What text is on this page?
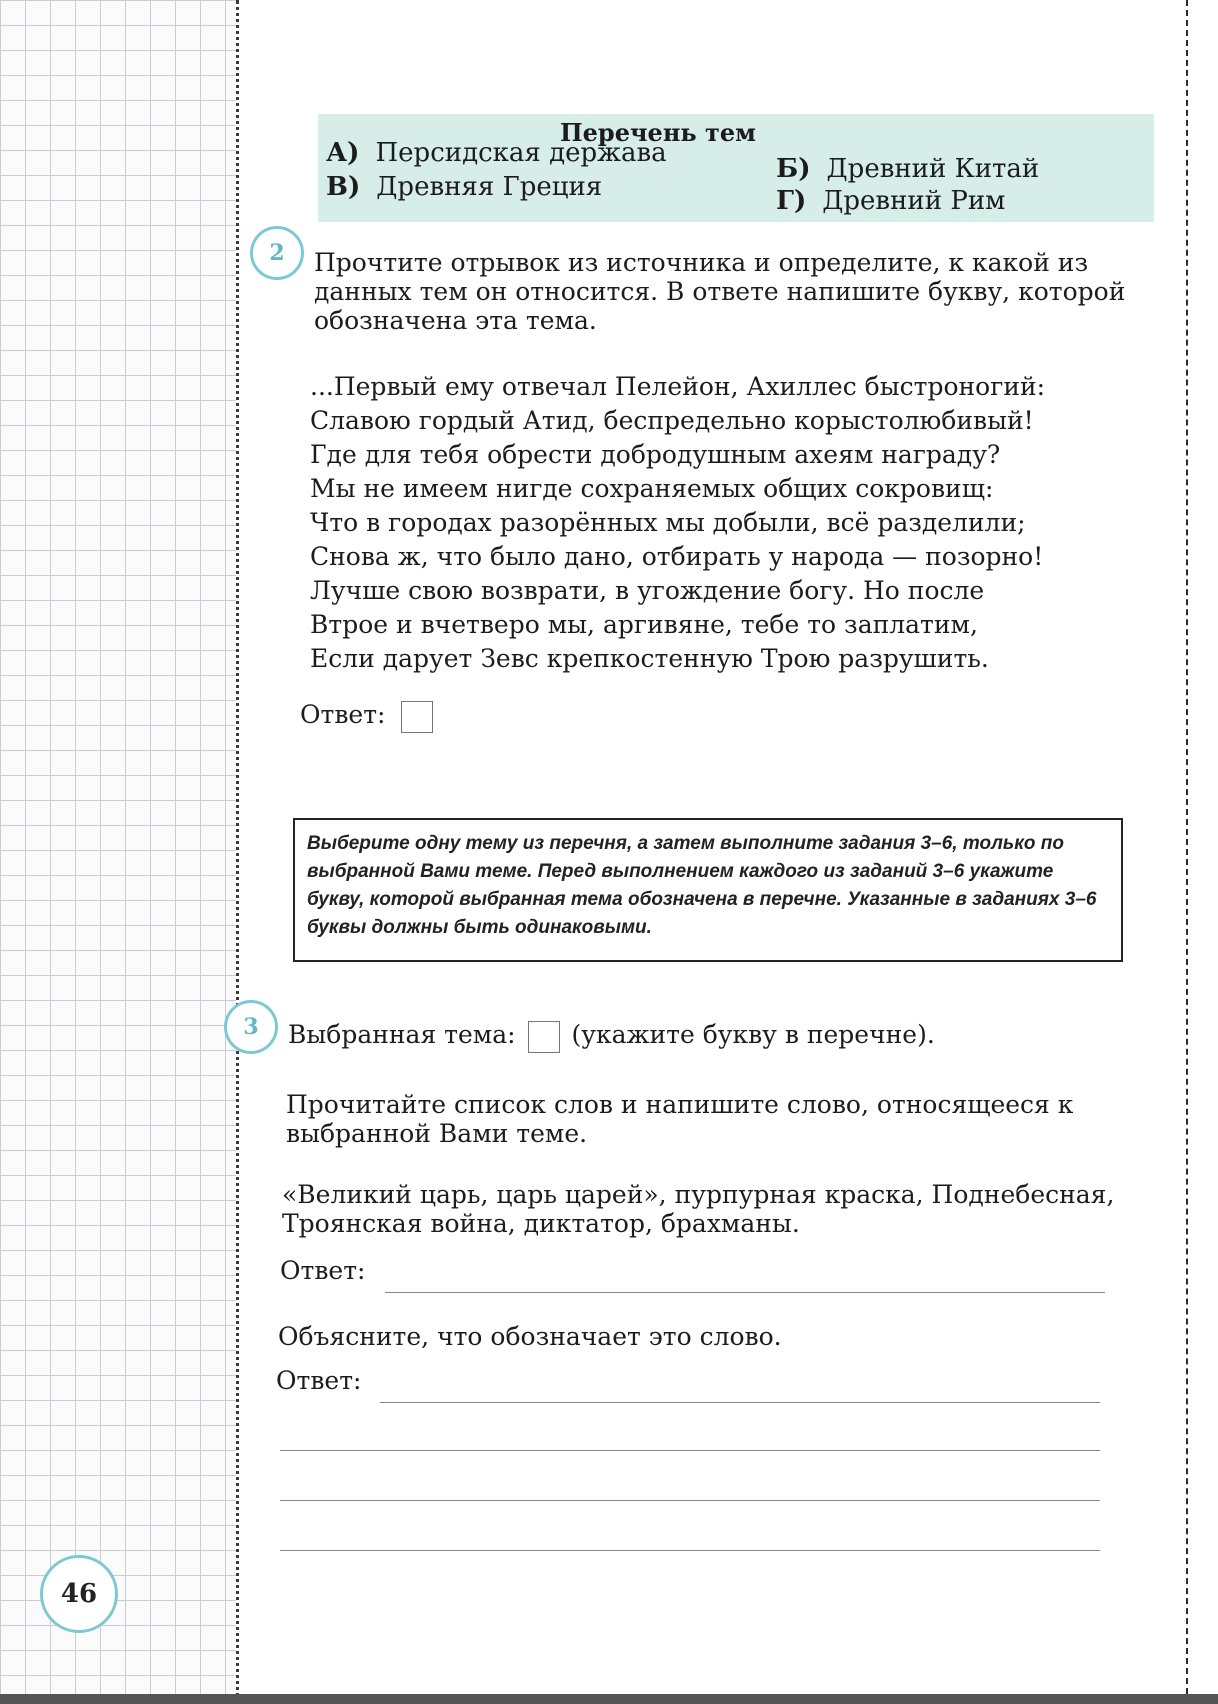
Перечень тем
А) Персидская держава
Б) Древний Китай
В) Древняя Греция	Г) Древний Рим
2	Прочтите отрывок из источника и определите, к какой из данных тем он относится. В ответе напишите букву, которой обозначена эта тема.
...Первый ему отвечал Пелейон, Ахиллес быстроногий:
Славою гордый Атид, беспредельно корыстолюбивый!
Где для тебя обрести добродушным ахеям награду?
Мы не имеем нигде сохраняемых общих сокровищ:
Что в городах разорённых мы добыли, всё разделили;
Снова ж, что было дано, отбирать у народа — позорно!
Лучше свою возврати, в угождение богу. Но после
Втрое и вчетверо мы, аргивяне, тебе то заплатим,
Если дарует Зевс крепкостенную Трою разрушить.
Ответ:
Выберите одну тему из перечня, а затем выполните задания 3–6, только по выбранной Вами теме. Перед выполнением каждого из заданий 3–6 укажите букву, которой выбранная тема обозначена в перечне. Указанные в заданиях 3–6 буквы должны быть одинаковыми.
3	Выбранная тема: (укажите букву в перечне).
Прочитайте список слов и напишите слово, относящееся к выбранной Вами теме.
«Великий царь, царь царей», пурпурная краска, Поднебесная, Троянская война, диктатор, брахманы.
Ответ:
Объясните, что обозначает это слово.
Ответ:
46
